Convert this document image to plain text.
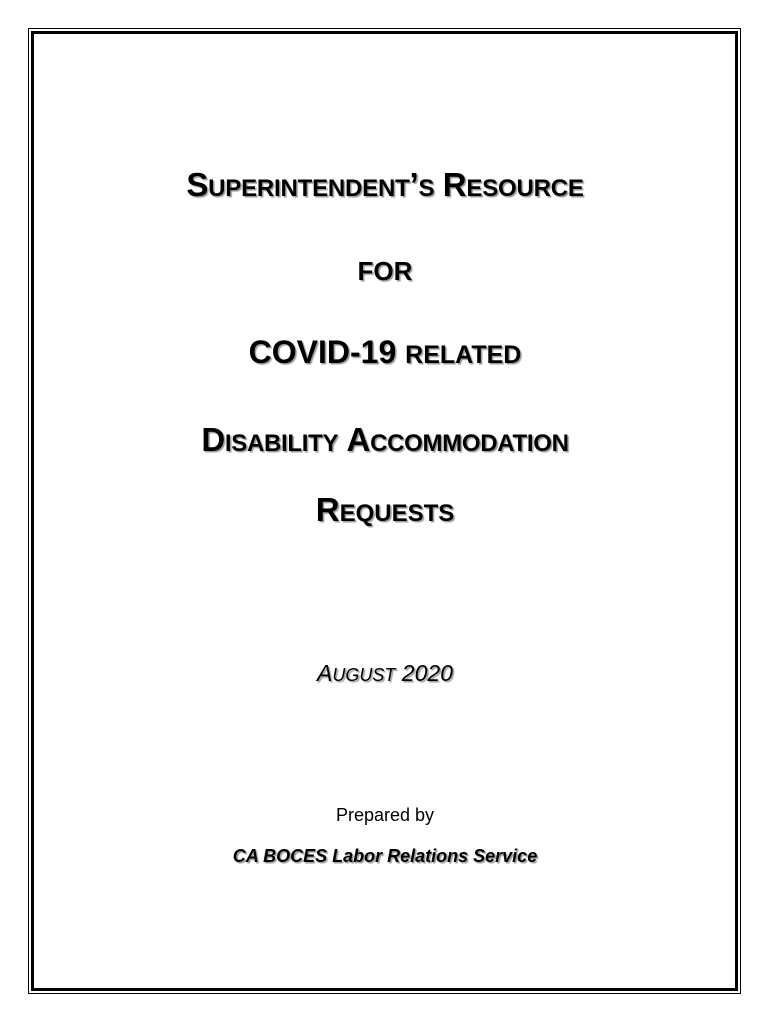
SUPERINTENDENT’S RESOURCE
FOR
COVID-19 RELATED
DISABILITY ACCOMMODATION
REQUESTS
AUGUST 2020
Prepared by
CA BOCES Labor Relations Service
